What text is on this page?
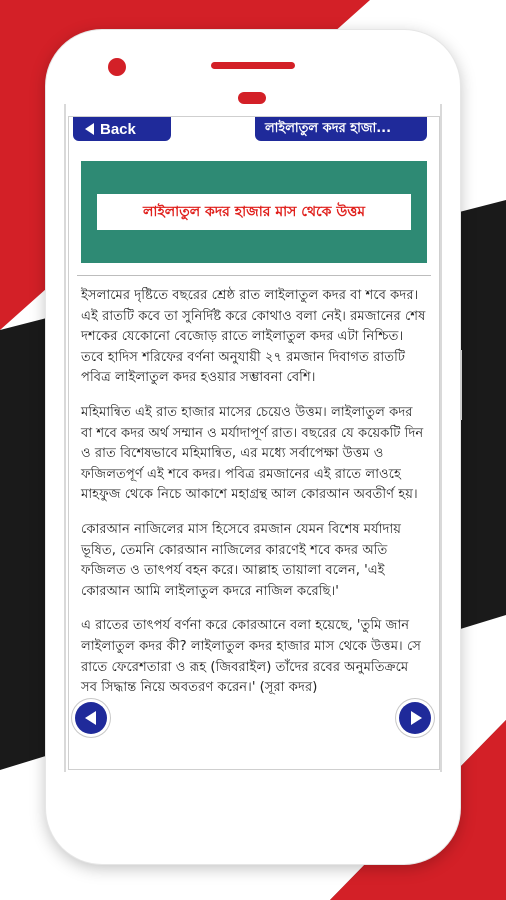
Back	লাইলাতুল কদর হাজা...
লাইলাতুল কদর হাজার মাস থেকে উত্তম

ইসলামের দৃষ্টিতে বছরের শ্রেষ্ঠ রাত লাইলাতুল কদর বা শবে কদর। এই রাতটি কবে তা সুনির্দিষ্ট করে কোথাও বলা নেই। রমজানের শেষ দশকের যেকোনো বেজোড় রাতে লাইলাতুল কদর এটা নিশ্চিত। তবে হাদিস শরিফের বর্ণনা অনুযায়ী ২৭ রমজান দিবাগত রাতটি পবিত্র লাইলাতুল কদর হওয়ার সম্ভাবনা বেশি।

মহিমান্বিত এই রাত হাজার মাসের চেয়েও উত্তম। লাইলাতুল কদর বা শবে কদর অর্থ সম্মান ও মর্যাদাপূর্ণ রাত। বছরের যে কয়েকটি দিন ও রাত বিশেষভাবে মহিমান্বিত, এর মধ্যে সর্বাপেক্ষা উত্তম ও ফজিলতপূর্ণ এই শবে কদর। পবিত্র রমজানের এই রাতে লাওহে মাহফুজ থেকে নিচে আকাশে মহাগ্রন্থ আল কোরআন অবতীর্ণ হয়।

কোরআন নাজিলের মাস হিসেবে রমজান যেমন বিশেষ মর্যাদায় ভূষিত, তেমনি কোরআন নাজিলের কারণেই শবে কদর অতি ফজিলত ও তাৎপর্য বহন করে। আল্লাহ তায়ালা বলেন, 'এই কোরআন আমি লাইলাতুল কদরে নাজিল করেছি।'

এ রাতের তাৎপর্য বর্ণনা করে কোরআনে বলা হয়েছে, 'তুমি জান লাইলাতুল কদর কী? লাইলাতুল কদর হাজার মাস থেকে উত্তম। সে রাতে ফেরেশতারা ও রূহ (জিবরাইল) তাঁদের রবের অনুমতিক্রমে সব সিদ্ধান্ত নিয়ে অবতরণ করেন।' (সূরা কদর)
